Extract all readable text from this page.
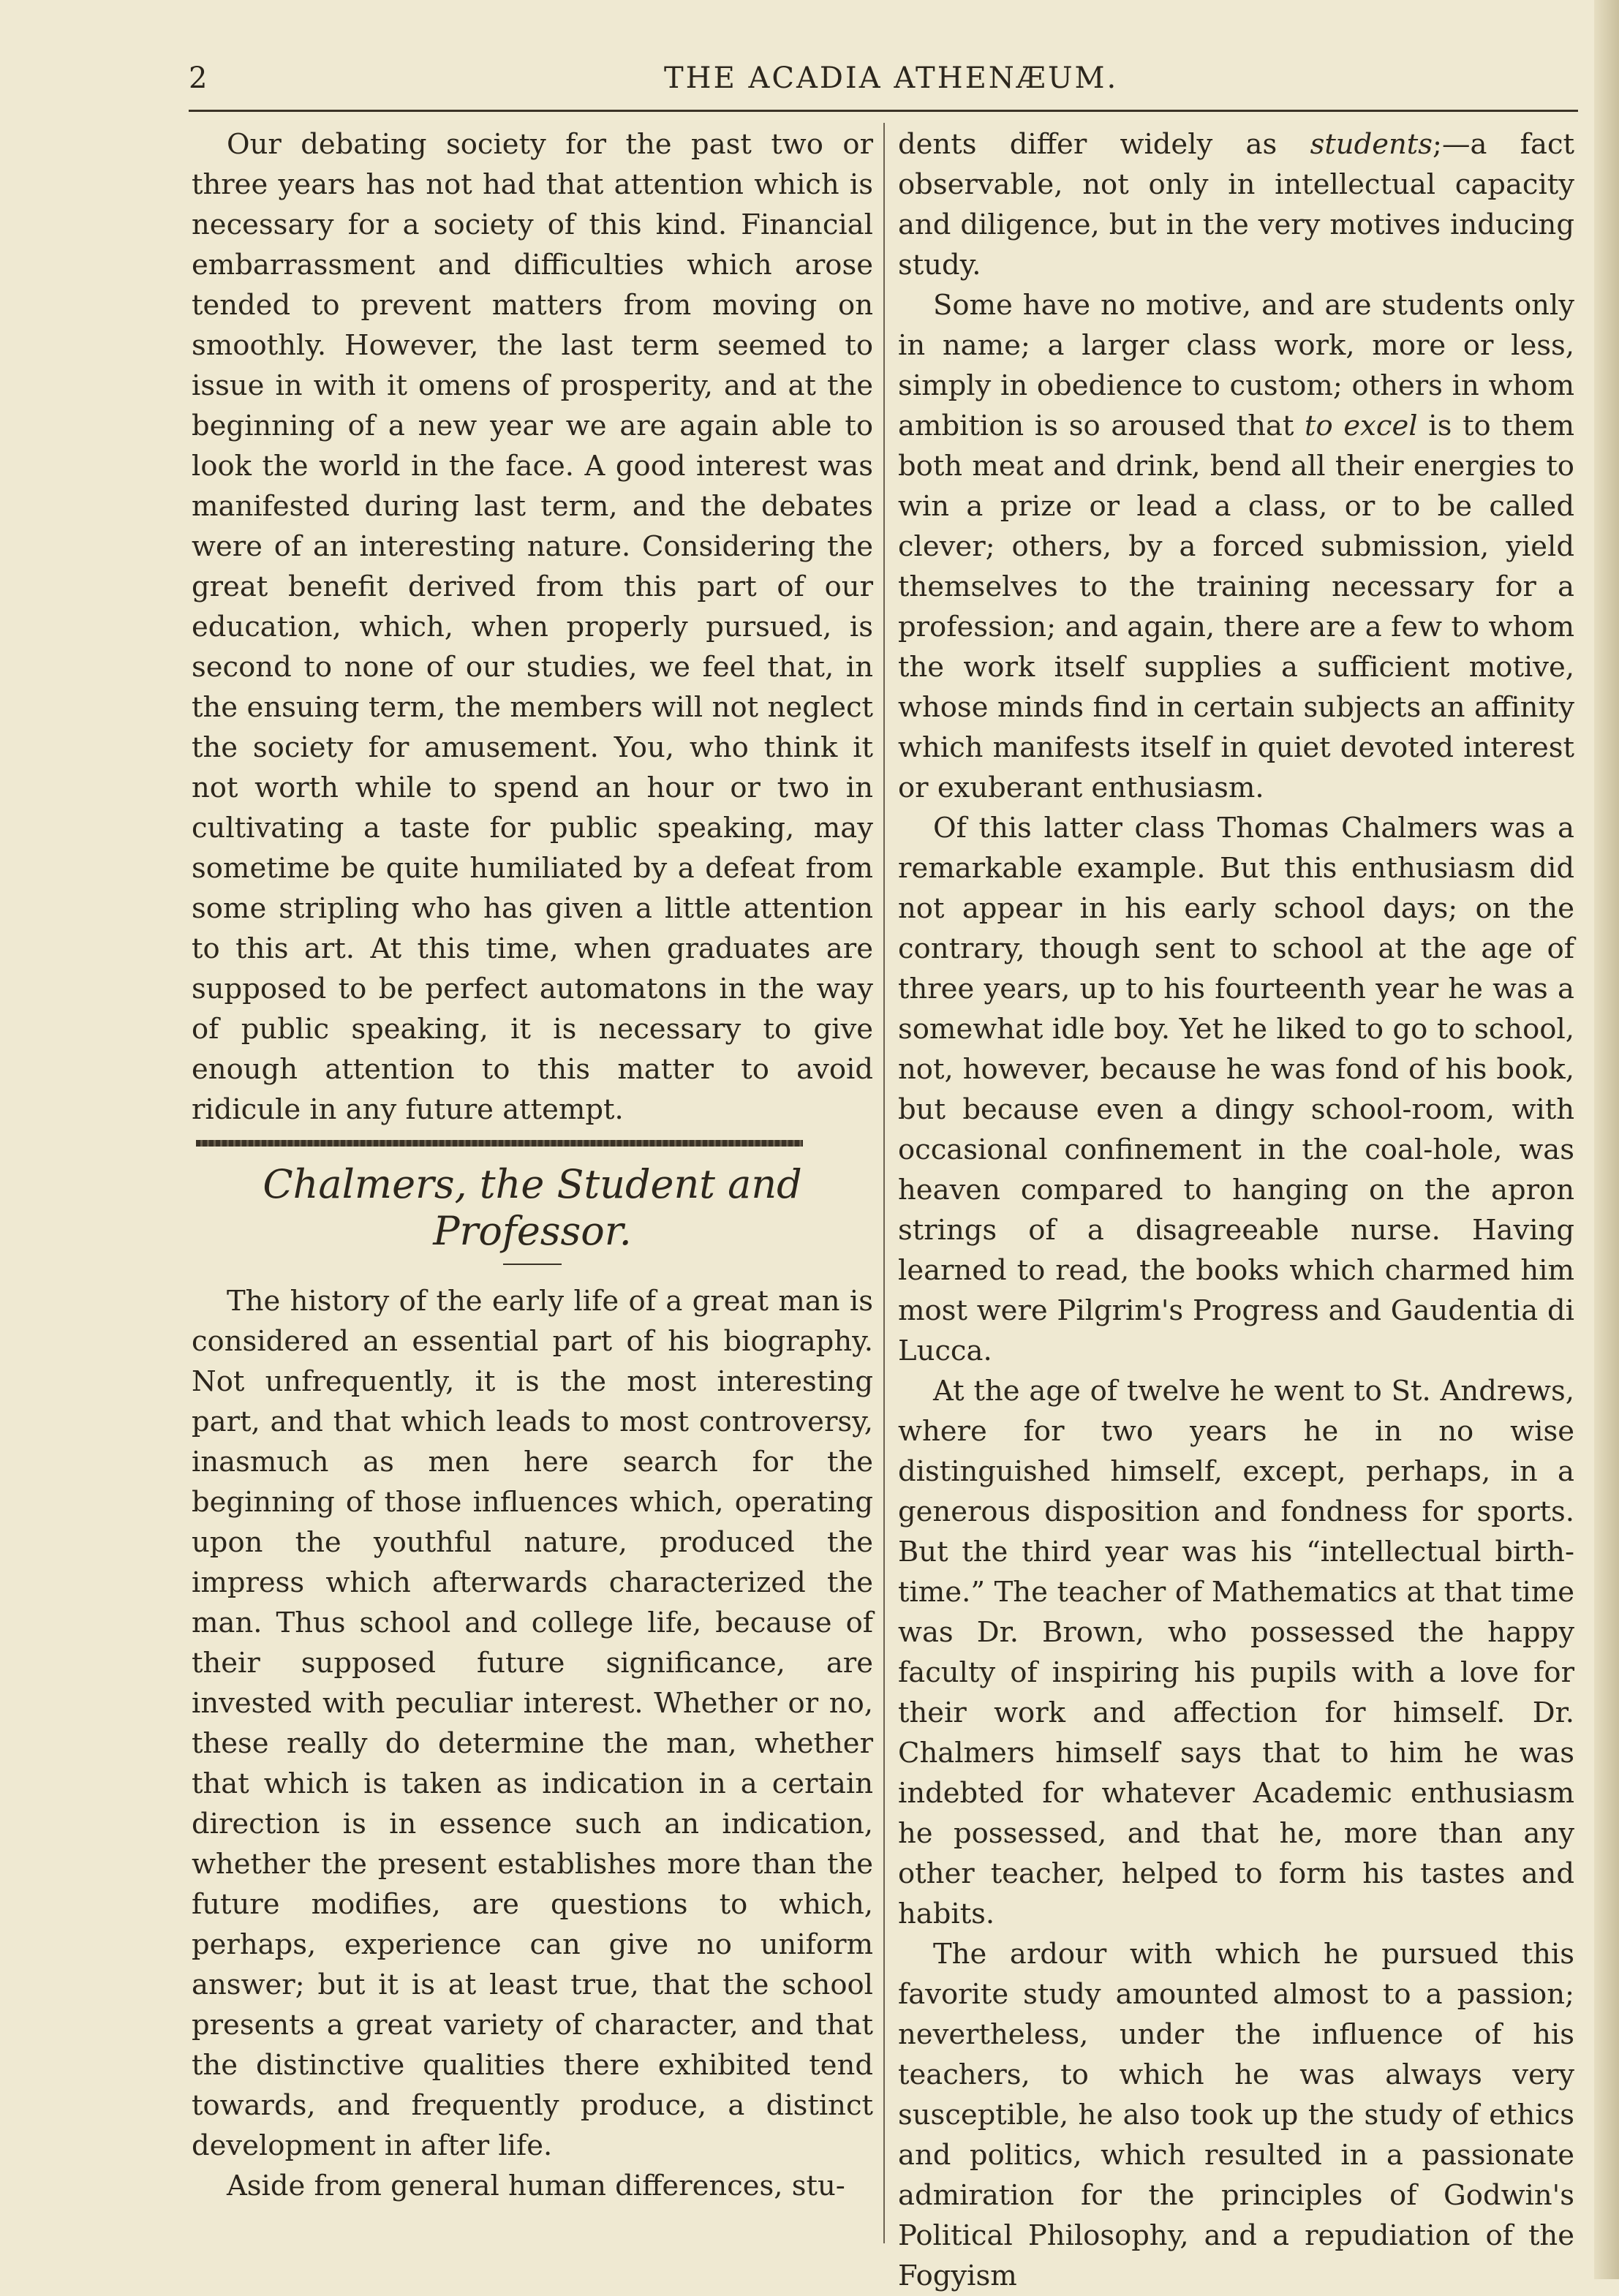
2	THE ACADIA ATHENÆUM.

Our debating society for the past two or three years has not had that attention which is necessary for a society of this kind. Financial embarrassment and difficulties which arose tended to prevent matters from moving on smoothly. However, the last term seemed to issue in with it omens of prosperity, and at the beginning of a new year we are again able to look the world in the face. A good interest was manifested during last term, and the debates were of an interesting nature. Considering the great benefit derived from this part of our education, which, when properly pursued, is second to none of our studies, we feel that, in the ensuing term, the members will not neglect the society for amusement. You, who think it not worth while to spend an hour or two in cultivating a taste for public speaking, may sometime be quite humiliated by a defeat from some stripling who has given a little attention to this art. At this time, when graduates are supposed to be perfect automatons in the way of public speaking, it is necessary to give enough attention to this matter to avoid ridicule in any future attempt.

Chalmers, the Student and Professor.

The history of the early life of a great man is considered an essential part of his biography. Not unfrequently, it is the most interesting part, and that which leads to most controversy, inasmuch as men here search for the beginning of those influences which, operating upon the youthful nature, produced the impress which afterwards characterized the man. Thus school and college life, because of their supposed future significance, are invested with peculiar interest. Whether or no, these really do determine the man, whether that which is taken as indication in a certain direction is in essence such an indication, whether the present establishes more than the future modifies, are questions to which, perhaps, experience can give no uniform answer; but it is at least true, that the school presents a great variety of character, and that the distinctive qualities there exhibited tend towards, and frequently produce, a distinct development in after life.

Aside from general human differences, stu-

dents differ widely as students;—a fact observable, not only in intellectual capacity and diligence, but in the very motives inducing study.

Some have no motive, and are students only in name; a larger class work, more or less, simply in obedience to custom; others in whom ambition is so aroused that to excel is to them both meat and drink, bend all their energies to win a prize or lead a class, or to be called clever; others, by a forced submission, yield themselves to the training necessary for a profession; and again, there are a few to whom the work itself supplies a sufficient motive, whose minds find in certain subjects an affinity which manifests itself in quiet devoted interest or exuberant enthusiasm.

Of this latter class Thomas Chalmers was a remarkable example. But this enthusiasm did not appear in his early school days; on the contrary, though sent to school at the age of three years, up to his fourteenth year he was a somewhat idle boy. Yet he liked to go to school, not, however, because he was fond of his book, but because even a dingy school-room, with occasional confinement in the coal-hole, was heaven compared to hanging on the apron strings of a disagreeable nurse. Having learned to read, the books which charmed him most were Pilgrim's Progress and Gaudentia di Lucca.

At the age of twelve he went to St. Andrews, where for two years he in no wise distinguished himself, except, perhaps, in a generous disposition and fondness for sports. But the third year was his “intellectual birth-time.” The teacher of Mathematics at that time was Dr. Brown, who possessed the happy faculty of inspiring his pupils with a love for their work and affection for himself. Dr. Chalmers himself says that to him he was indebted for whatever Academic enthusiasm he possessed, and that he, more than any other teacher, helped to form his tastes and habits.

The ardour with which he pursued this favorite study amounted almost to a passion; nevertheless, under the influence of his teachers, to which he was always very susceptible, he also took up the study of ethics and politics, which resulted in a passionate admiration for the principles of Godwin's Political Philosophy, and a repudiation of the Fogyism
